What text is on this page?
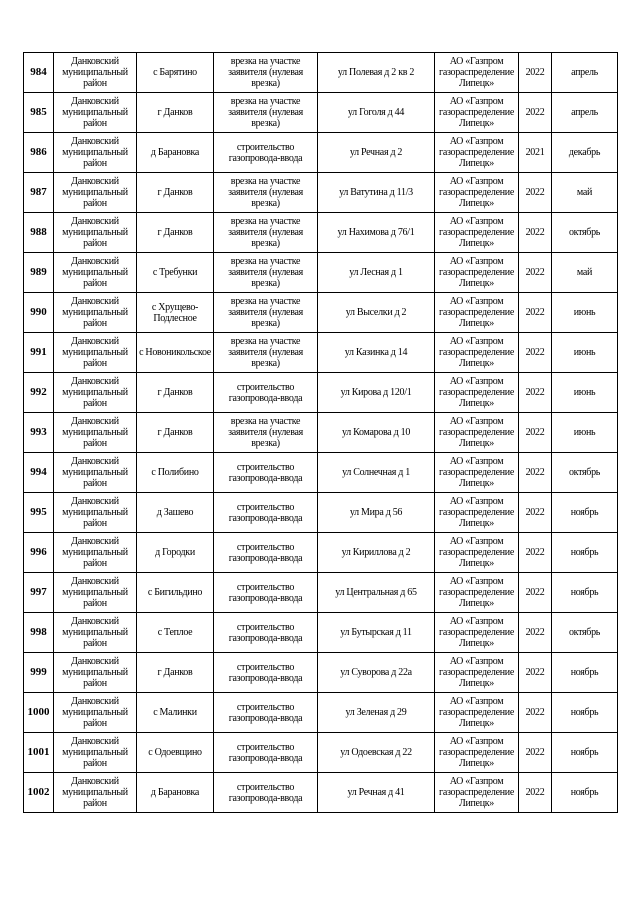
984	Данковский муниципальный район	с Барятино	врезка на участке заявителя (нулевая врезка)	ул Полевая д 2 кв 2	АО «Газпром газораспределение Липецк»	2022	апрель
985	Данковский муниципальный район	г Данков	врезка на участке заявителя (нулевая врезка)	ул Гоголя д 44	АО «Газпром газораспределение Липецк»	2022	апрель
986	Данковский муниципальный район	д Барановка	строительство газопровода-ввода	ул Речная д 2	АО «Газпром газораспределение Липецк»	2021	декабрь
987	Данковский муниципальный район	г Данков	врезка на участке заявителя (нулевая врезка)	ул Ватутина д 11/3	АО «Газпром газораспределение Липецк»	2022	май
988	Данковский муниципальный район	г Данков	врезка на участке заявителя (нулевая врезка)	ул Нахимова д 76/1	АО «Газпром газораспределение Липецк»	2022	октябрь
989	Данковский муниципальный район	с Требунки	врезка на участке заявителя (нулевая врезка)	ул Лесная д 1	АО «Газпром газораспределение Липецк»	2022	май
990	Данковский муниципальный район	с Хрущево-Подлесное	врезка на участке заявителя (нулевая врезка)	ул Выселки д 2	АО «Газпром газораспределение Липецк»	2022	июнь
991	Данковский муниципальный район	с Новоникольское	врезка на участке заявителя (нулевая врезка)	ул Казинка д 14	АО «Газпром газораспределение Липецк»	2022	июнь
992	Данковский муниципальный район	г Данков	строительство газопровода-ввода	ул Кирова д 120/1	АО «Газпром газораспределение Липецк»	2022	июнь
993	Данковский муниципальный район	г Данков	врезка на участке заявителя (нулевая врезка)	ул Комарова д 10	АО «Газпром газораспределение Липецк»	2022	июнь
994	Данковский муниципальный район	с Полибино	строительство газопровода-ввода	ул Солнечная д 1	АО «Газпром газораспределение Липецк»	2022	октябрь
995	Данковский муниципальный район	д Зашево	строительство газопровода-ввода	ул Мира д 56	АО «Газпром газораспределение Липецк»	2022	ноябрь
996	Данковский муниципальный район	д Городки	строительство газопровода-ввода	ул Кириллова д 2	АО «Газпром газораспределение Липецк»	2022	ноябрь
997	Данковский муниципальный район	с Бигильдино	строительство газопровода-ввода	ул Центральная д 65	АО «Газпром газораспределение Липецк»	2022	ноябрь
998	Данковский муниципальный район	с Теплое	строительство газопровода-ввода	ул Бутырская д 11	АО «Газпром газораспределение Липецк»	2022	октябрь
999	Данковский муниципальный район	г Данков	строительство газопровода-ввода	ул Суворова д 22а	АО «Газпром газораспределение Липецк»	2022	ноябрь
1000	Данковский муниципальный район	с Малинки	строительство газопровода-ввода	ул Зеленая д 29	АО «Газпром газораспределение Липецк»	2022	ноябрь
1001	Данковский муниципальный район	с Одоевщино	строительство газопровода-ввода	ул Одоевская д 22	АО «Газпром газораспределение Липецк»	2022	ноябрь
1002	Данковский муниципальный район	д Барановка	строительство газопровода-ввода	ул Речная д 41	АО «Газпром газораспределение Липецк»	2022	ноябрь
